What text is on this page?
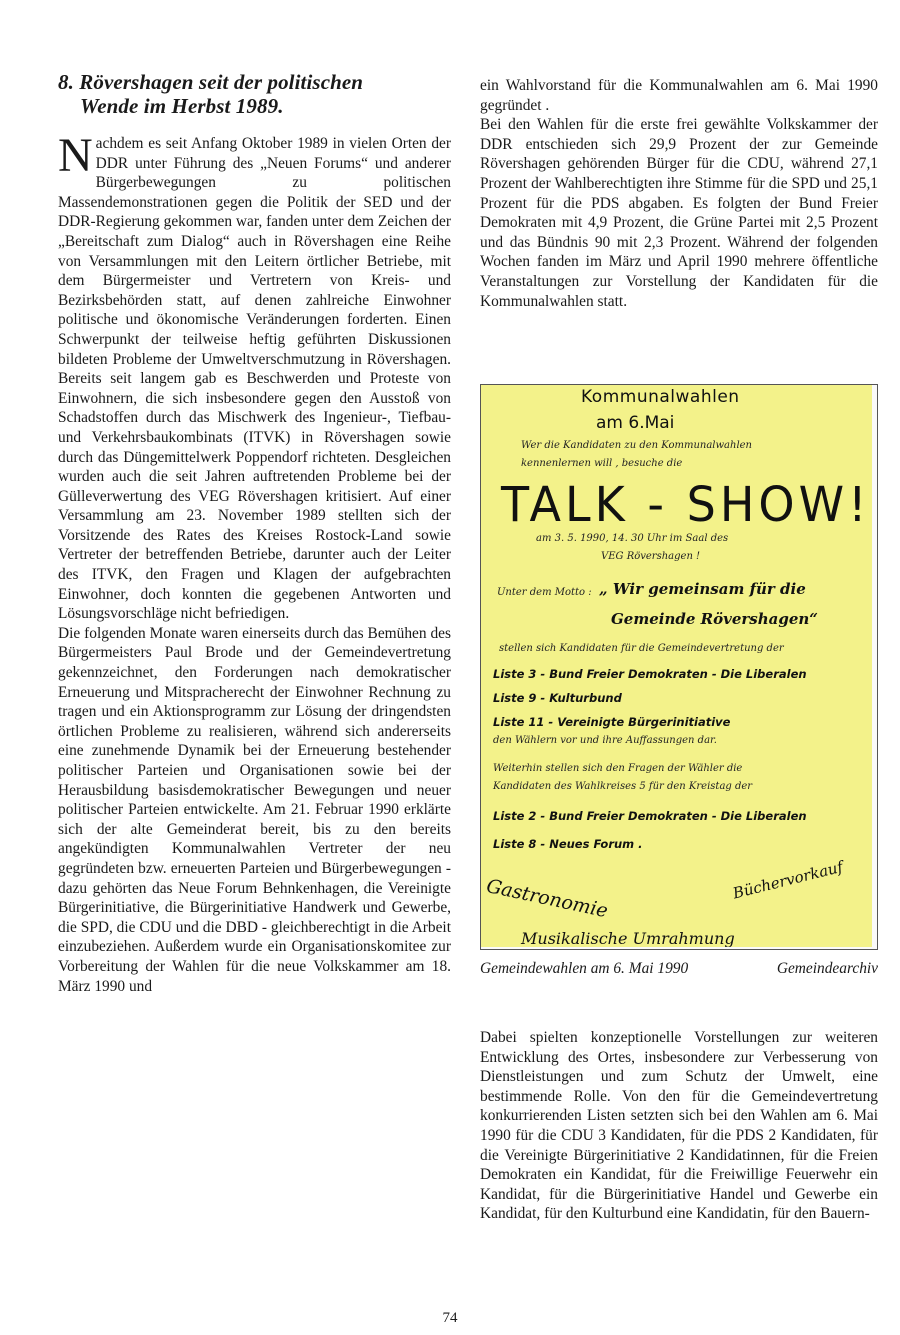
8. Rövershagen seit der politischen
Wende im Herbst 1989.

Nachdem es seit Anfang Oktober 1989 in vielen Orten der DDR unter Führung des „Neuen Forums“ und anderer Bürgerbewegungen zu politischen Massendemonstrationen gegen die Politik der SED und der DDR-Regierung gekommen war, fanden unter dem Zeichen der „Bereitschaft zum Dialog“ auch in Rövershagen eine Reihe von Versammlungen mit den Leitern örtlicher Betriebe, mit dem Bürgermeister und Vertretern von Kreis- und Bezirksbehörden statt, auf denen zahlreiche Einwohner politische und ökonomische Veränderungen forderten. Einen Schwerpunkt der teilweise heftig geführten Diskussionen bildeten Probleme der Umweltverschmutzung in Rövershagen. Bereits seit langem gab es Beschwerden und Proteste von Einwohnern, die sich insbesondere gegen den Ausstoß von Schadstoffen durch das Mischwerk des Ingenieur-, Tiefbau- und Verkehrsbaukombinats (ITVK) in Rövershagen sowie durch das Düngemittelwerk Poppendorf richteten. Desgleichen wurden auch die seit Jahren auftretenden Probleme bei der Gülleverwertung des VEG Rövershagen kritisiert. Auf einer Versammlung am 23. November 1989 stellten sich der Vorsitzende des Rates des Kreises Rostock-Land sowie Vertreter der betreffenden Betriebe, darunter auch der Leiter des ITVK, den Fragen und Klagen der aufgebrachten Einwohner, doch konnten die gegebenen Antworten und Lösungsvorschläge nicht befriedigen.

Die folgenden Monate waren einerseits durch das Bemühen des Bürgermeisters Paul Brode und der Gemeindevertretung gekennzeichnet, den Forderungen nach demokratischer Erneuerung und Mitspracherecht der Einwohner Rechnung zu tragen und ein Aktionsprogramm zur Lösung der dringendsten örtlichen Probleme zu realisieren, während sich andererseits eine zunehmende Dynamik bei der Erneuerung bestehender politischer Parteien und Organisationen sowie bei der Herausbildung basisdemokratischer Bewegungen und neuer politischer Parteien entwickelte. Am 21. Februar 1990 erklärte sich der alte Gemeinderat bereit, bis zu den bereits angekündigten Kommunalwahlen Vertreter der neu gegründeten bzw. erneuerten Parteien und Bürgerbewegungen - dazu gehörten das Neue Forum Behnkenhagen, die Vereinigte Bürgerinitiative, die Bürgerinitiative Handwerk und Gewerbe, die SPD, die CDU und die DBD - gleichberechtigt in die Arbeit einzubeziehen. Außerdem wurde ein Organisationskomitee zur Vorbereitung der Wahlen für die neue Volkskammer am 18. März 1990 und

ein Wahlvorstand für die Kommunalwahlen am 6. Mai 1990 gegründet .

Bei den Wahlen für die erste frei gewählte Volkskammer der DDR entschieden sich 29,9 Prozent der zur Gemeinde Rövershagen gehörenden Bürger für die CDU, während 27,1 Prozent der Wahlberechtigten ihre Stimme für die SPD und 25,1 Prozent für die PDS abgaben. Es folgten der Bund Freier Demokraten mit 4,9 Prozent, die Grüne Partei mit 2,5 Prozent und das Bündnis 90 mit 2,3 Prozent. Während der folgenden Wochen fanden im März und April 1990 mehrere öffentliche Veranstaltungen zur Vorstellung der Kandidaten für die Kommunalwahlen statt.

Kommunalwahlen
am 6.Mai
Wer die Kandidaten zu den Kommunalwahlen
kennenlernen will , besuche die
TALK - SHOW!
am 3. 5. 1990, 14. 30 Uhr im Saal des
VEG Rövershagen !
Unter dem Motto : „ Wir gemeinsam für die
Gemeinde Rövershagen“
stellen sich Kandidaten für die Gemeindevertretung der
Liste 3 - Bund Freier Demokraten - Die Liberalen
Liste 9 - Kulturbund
Liste 11 - Vereinigte Bürgerinitiative
den Wählern vor und ihre Auffassungen dar.
Weiterhin stellen sich den Fragen der Wähler die
Kandidaten des Wahlkreises 5 für den Kreistag der
Liste 2 - Bund Freier Demokraten - Die Liberalen
Liste 8 - Neues Forum .
Gastronomie	Büchervorkauf
Musikalische Umrahmung
Gemeindewahlen am 6. Mai 1990	Gemeindearchiv

Dabei spielten konzeptionelle Vorstellungen zur weiteren Entwicklung des Ortes, insbesondere zur Verbesserung von Dienstleistungen und zum Schutz der Umwelt, eine bestimmende Rolle. Von den für die Gemeindevertretung konkurrierenden Listen setzten sich bei den Wahlen am 6. Mai 1990 für die CDU 3 Kandidaten, für die PDS 2 Kandidaten, für die Vereinigte Bürgerinitiative 2 Kandidatinnen, für die Freien Demokraten ein Kandidat, für die Freiwillige Feuerwehr ein Kandidat, für die Bürgerinitiative Handel und Gewerbe ein Kandidat, für den Kulturbund eine Kandidatin, für den Bauern-

74
